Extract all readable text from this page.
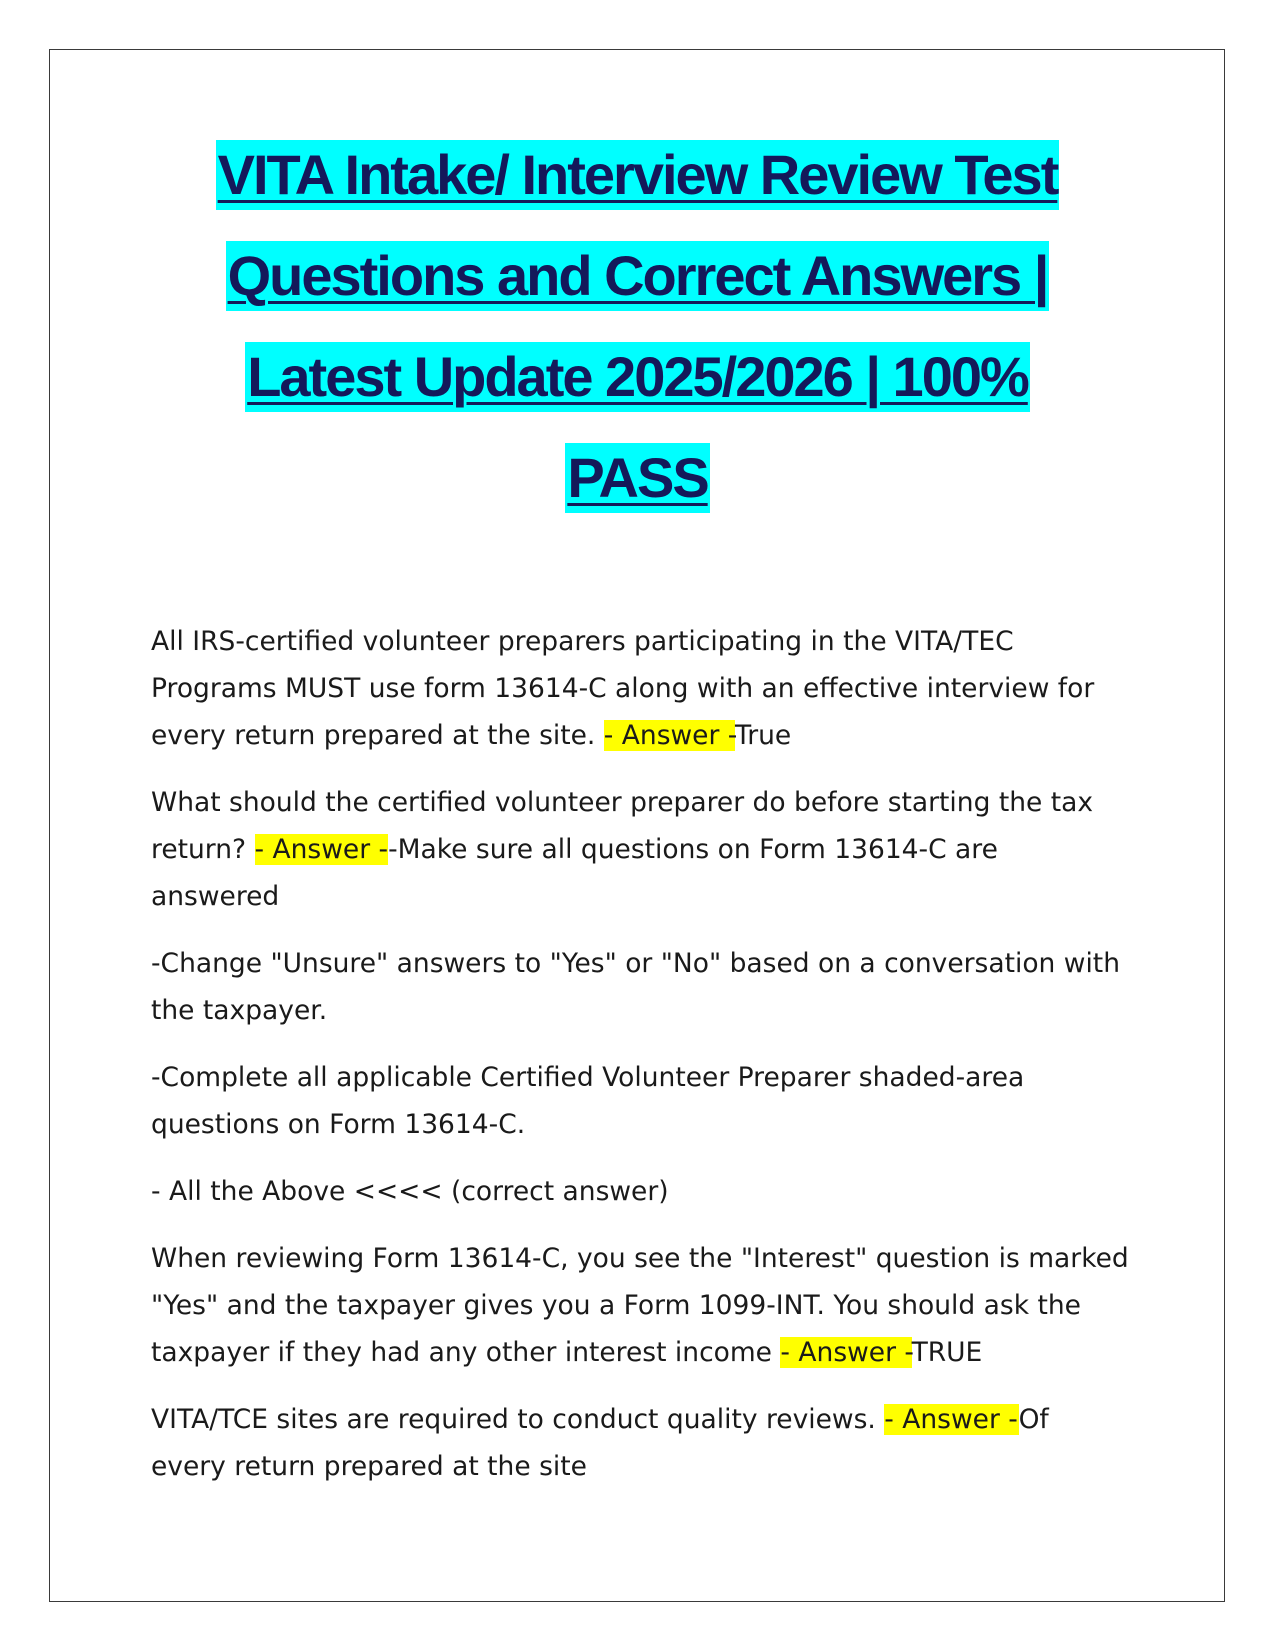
VITA Intake/ Interview Review Test
Questions and Correct Answers |
Latest Update 2025/2026 | 100%
PASS

All IRS-certified volunteer preparers participating in the VITA/TEC Programs MUST use form 13614-C along with an effective interview for every return prepared at the site. - Answer -True

What should the certified volunteer preparer do before starting the tax return? - Answer --Make sure all questions on Form 13614-C are answered

-Change "Unsure" answers to "Yes" or "No" based on a conversation with the taxpayer.

-Complete all applicable Certified Volunteer Preparer shaded-area questions on Form 13614-C.

- All the Above <<<< (correct answer)

When reviewing Form 13614-C, you see the "Interest" question is marked "Yes" and the taxpayer gives you a Form 1099-INT. You should ask the taxpayer if they had any other interest income - Answer -TRUE

VITA/TCE sites are required to conduct quality reviews. - Answer -Of every return prepared at the site
